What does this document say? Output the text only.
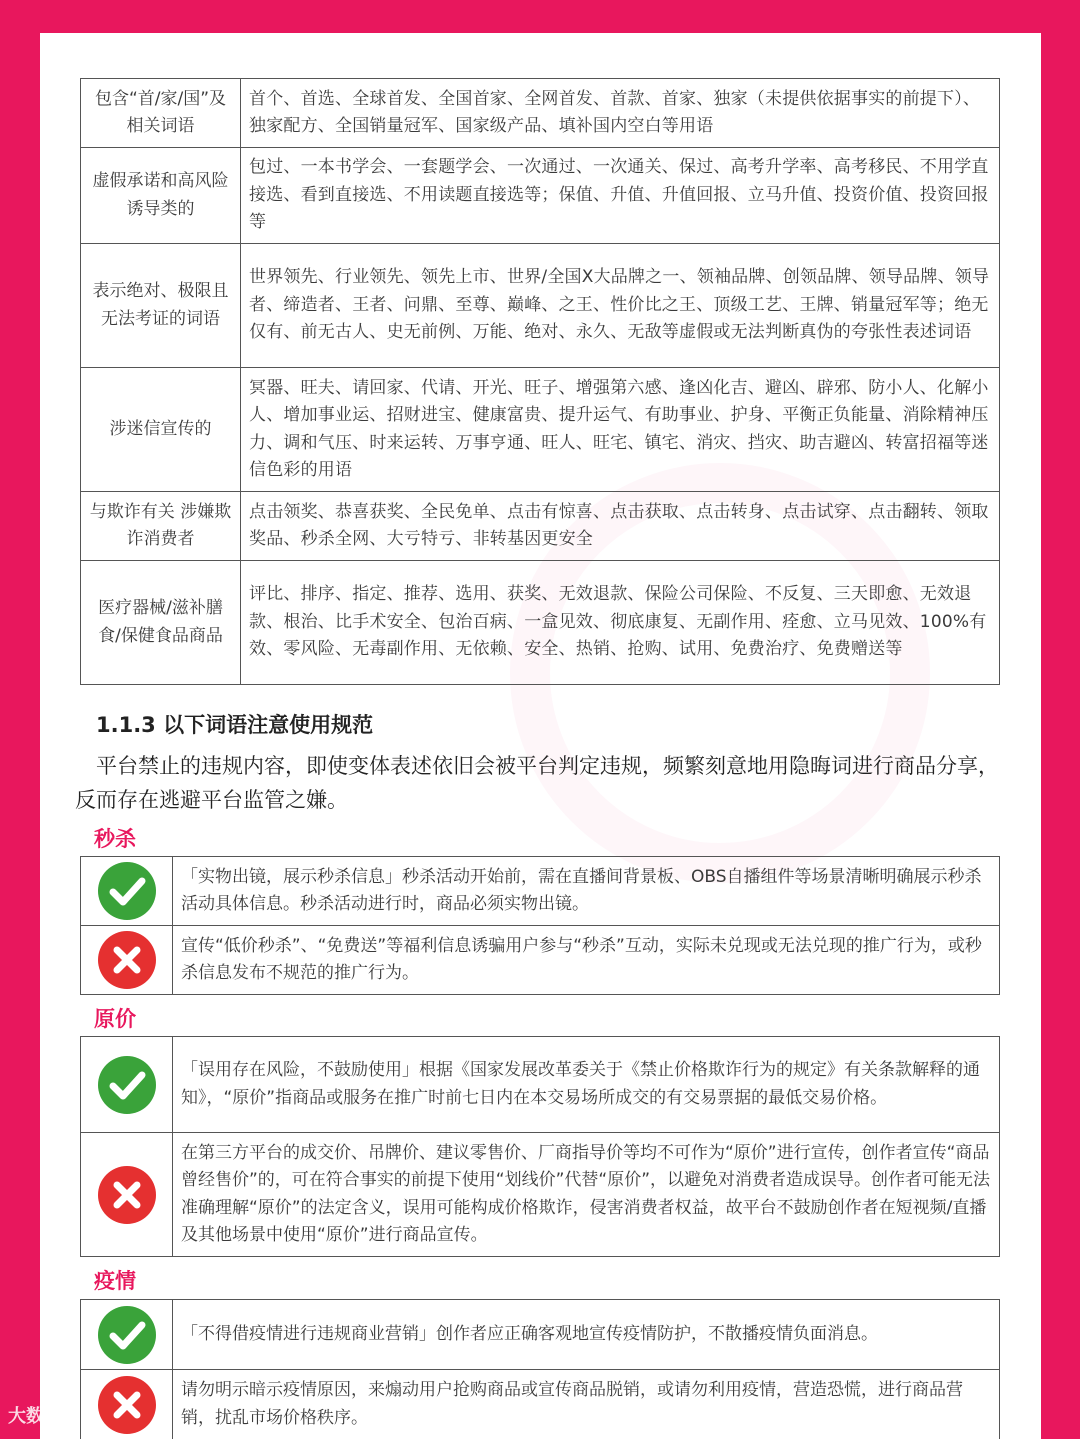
包含“首/家/国”及相关词语	首个、首选、全球首发、全国首家、全网首发、首款、首家、独家（未提供依据事实的前提下）、独家配方、全国销量冠军、国家级产品、填补国内空白等用语
虚假承诺和高风险诱导类的	包过、一本书学会、一套题学会、一次通过、一次通关、保过、高考升学率、高考移民、不用学直接选、看到直接选、不用读题直接选等；保值、升值、升值回报、立马升值、投资价值、投资回报等
表示绝对、极限且无法考证的词语	世界领先、行业领先、领先上市、世界/全国X大品牌之一、领袖品牌、创领品牌、领导品牌、领导者、缔造者、王者、问鼎、至尊、巅峰、之王、性价比之王、顶级工艺、王牌、销量冠军等；绝无仅有、前无古人、史无前例、万能、绝对、永久、无敌等虚假或无法判断真伪的夸张性表述词语
涉迷信宣传的	冥器、旺夫、请回家、代请、开光、旺子、增强第六感、逢凶化吉、避凶、辟邪、防小人、化解小人、增加事业运、招财进宝、健康富贵、提升运气、有助事业、护身、平衡正负能量、消除精神压力、调和气压、时来运转、万事亨通、旺人、旺宅、镇宅、消灾、挡灾、助吉避凶、转富招福等迷信色彩的用语
与欺诈有关 涉嫌欺诈消费者	点击领奖、恭喜获奖、全民免单、点击有惊喜、点击获取、点击转身、点击试穿、点击翻转、领取奖品、秒杀全网、大亏特亏、非转基因更安全
医疗器械/滋补膳食/保健食品商品	评比、排序、指定、推荐、选用、获奖、无效退款、保险公司保险、不反复、三天即愈、无效退款、根治、比手术安全、包治百病、一盒见效、彻底康复、无副作用、痊愈、立马见效、100%有效、零风险、无毒副作用、无依赖、安全、热销、抢购、试用、免费治疗、免费赠送等
1.1.3 以下词语注意使用规范
平台禁止的违规内容，即使变体表述依旧会被平台判定违规，频繁刻意地用隐晦词进行商品分享，反而存在逃避平台监管之嫌。
秒杀
	「实物出镜，展示秒杀信息」秒杀活动开始前，需在直播间背景板、OBS自播组件等场景清晰明确展示秒杀活动具体信息。秒杀活动进行时，商品必须实物出镜。

	宣传“低价秒杀”、“免费送”等福利信息诱骗用户参与“秒杀”互动，实际未兑现或无法兑现的推广行为，或秒杀信息发布不规范的推广行为。
原价
	「误用存在风险，不鼓励使用」根据《国家发展改革委关于《禁止价格欺诈行为的规定》有关条款解释的通知》，“原价”指商品或服务在推广时前七日内在本交易场所成交的有交易票据的最低交易价格。

	在第三方平台的成交价、吊牌价、建议零售价、厂商指导价等均不可作为“原价”进行宣传，创作者宣传“商品曾经售价”的，可在符合事实的前提下使用“划线价”代替“原价”，以避免对消费者造成误导。创作者可能无法准确理解“原价”的法定含义，误用可能构成价格欺诈，侵害消费者权益，故平台不鼓励创作者在短视频/直播及其他场景中使用“原价”进行商品宣传。
疫情
	「不得借疫情进行违规商业营销」创作者应正确客观地宣传疫情防护，不散播疫情负面消息。

	请勿明示暗示疫情原因，来煽动用户抢购商品或宣传商品脱销，或请勿利用疫情，营造恐慌，进行商品营销，扰乱市场价格秩序。
大数跨境
